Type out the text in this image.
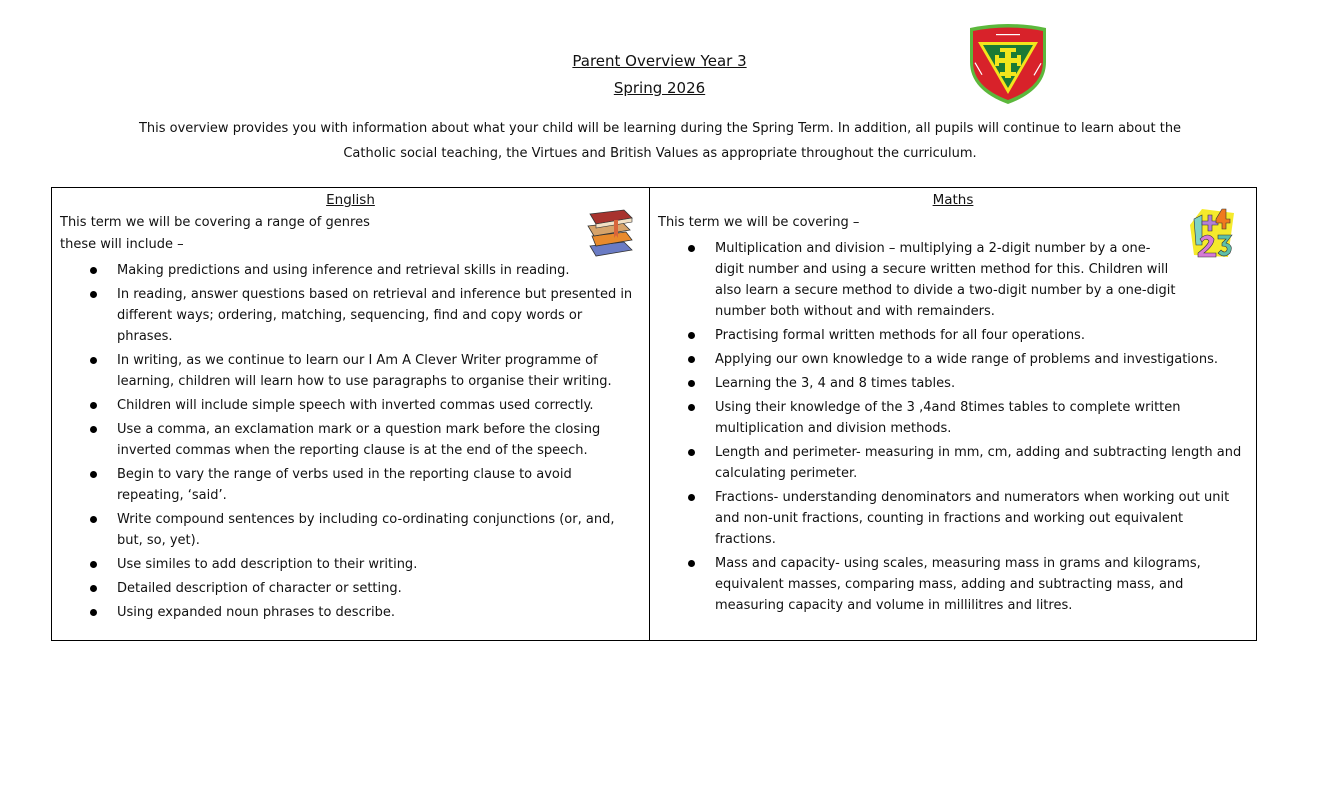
Parent Overview Year 3
Spring 2026
This overview provides you with information about what your child will be learning during the Spring Term. In addition, all pupils will continue to learn about the
Catholic social teaching, the Virtues and British Values as appropriate throughout the curriculum.
English
This term we will be covering a range of genres
these will include –
Making predictions and using inference and retrieval skills in reading.
In reading, answer questions based on retrieval and inference but presented in different ways; ordering, matching, sequencing, find and copy words or phrases.
In writing, as we continue to learn our I Am A Clever Writer programme of learning, children will learn how to use paragraphs to organise their writing.
Children will include simple speech with inverted commas used correctly.
Use a comma, an exclamation mark or a question mark before the closing inverted commas when the reporting clause is at the end of the speech.
Begin to vary the range of verbs used in the reporting clause to avoid repeating, ‘said’.
Write compound sentences by including co-ordinating conjunctions (or, and, but, so, yet).
Use similes to add description to their writing.
Detailed description of character or setting.
Using expanded noun phrases to describe.
Maths
This term we will be covering –
Multiplication and division – multiplying a 2-digit number by a one-digit number and using a secure written method for this. Children will also learn a secure method to divide a two-digit number by a one-digit number both without and with remainders.
Practising formal written methods for all four operations.
Applying our own knowledge to a wide range of problems and investigations.
Learning the 3, 4 and 8 times tables.
Using their knowledge of the 3 ,4and 8times tables to complete written multiplication and division methods.
Length and perimeter- measuring in mm, cm, adding and subtracting length and calculating perimeter.
Fractions- understanding denominators and numerators when working out unit and non-unit fractions, counting in fractions and working out equivalent fractions.
Mass and capacity- using scales, measuring mass in grams and kilograms, equivalent masses, comparing mass, adding and subtracting mass, and measuring capacity and volume in millilitres and litres.
